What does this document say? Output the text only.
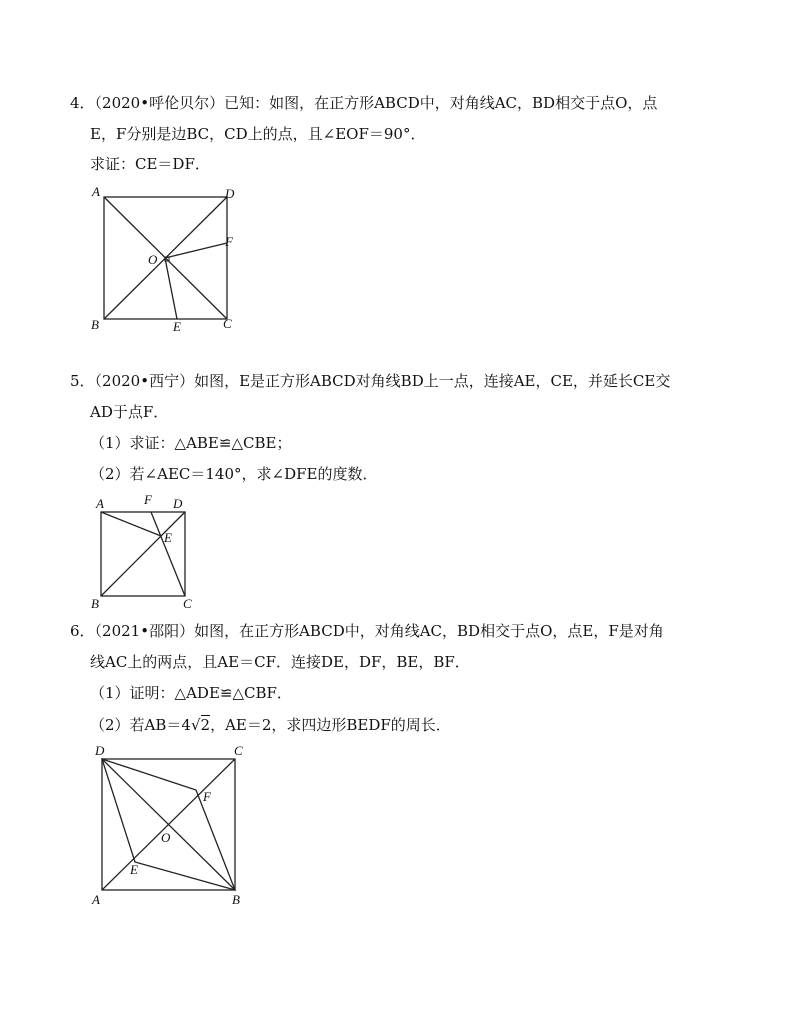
4．（2020•呼伦贝尔）已知：如图，在正方形ABCD中，对角线AC，BD相交于点O，点
E，F分别是边BC，CD上的点，且∠EOF＝90°．
求证：CE＝DF．
A	D
F
O
B	E	C
5．（2020•西宁）如图，E是正方形ABCD对角线BD上一点，连接AE，CE，并延长CE交
AD于点F．
（1）求证：△ABE≌△CBE；
（2）若∠AEC＝140°，求∠DFE的度数．
A	F D
E
B	C
6．（2021•邵阳）如图，在正方形ABCD中，对角线AC，BD相交于点O，点E，F是对角
线AC上的两点，且AE＝CF．连接DE，DF，BE，BF．
（1）证明：△ADE≌△CBF．
（2）若AB＝4√2，AE＝2，求四边形BEDF的周长．
D	C
F
O
E
A	B
